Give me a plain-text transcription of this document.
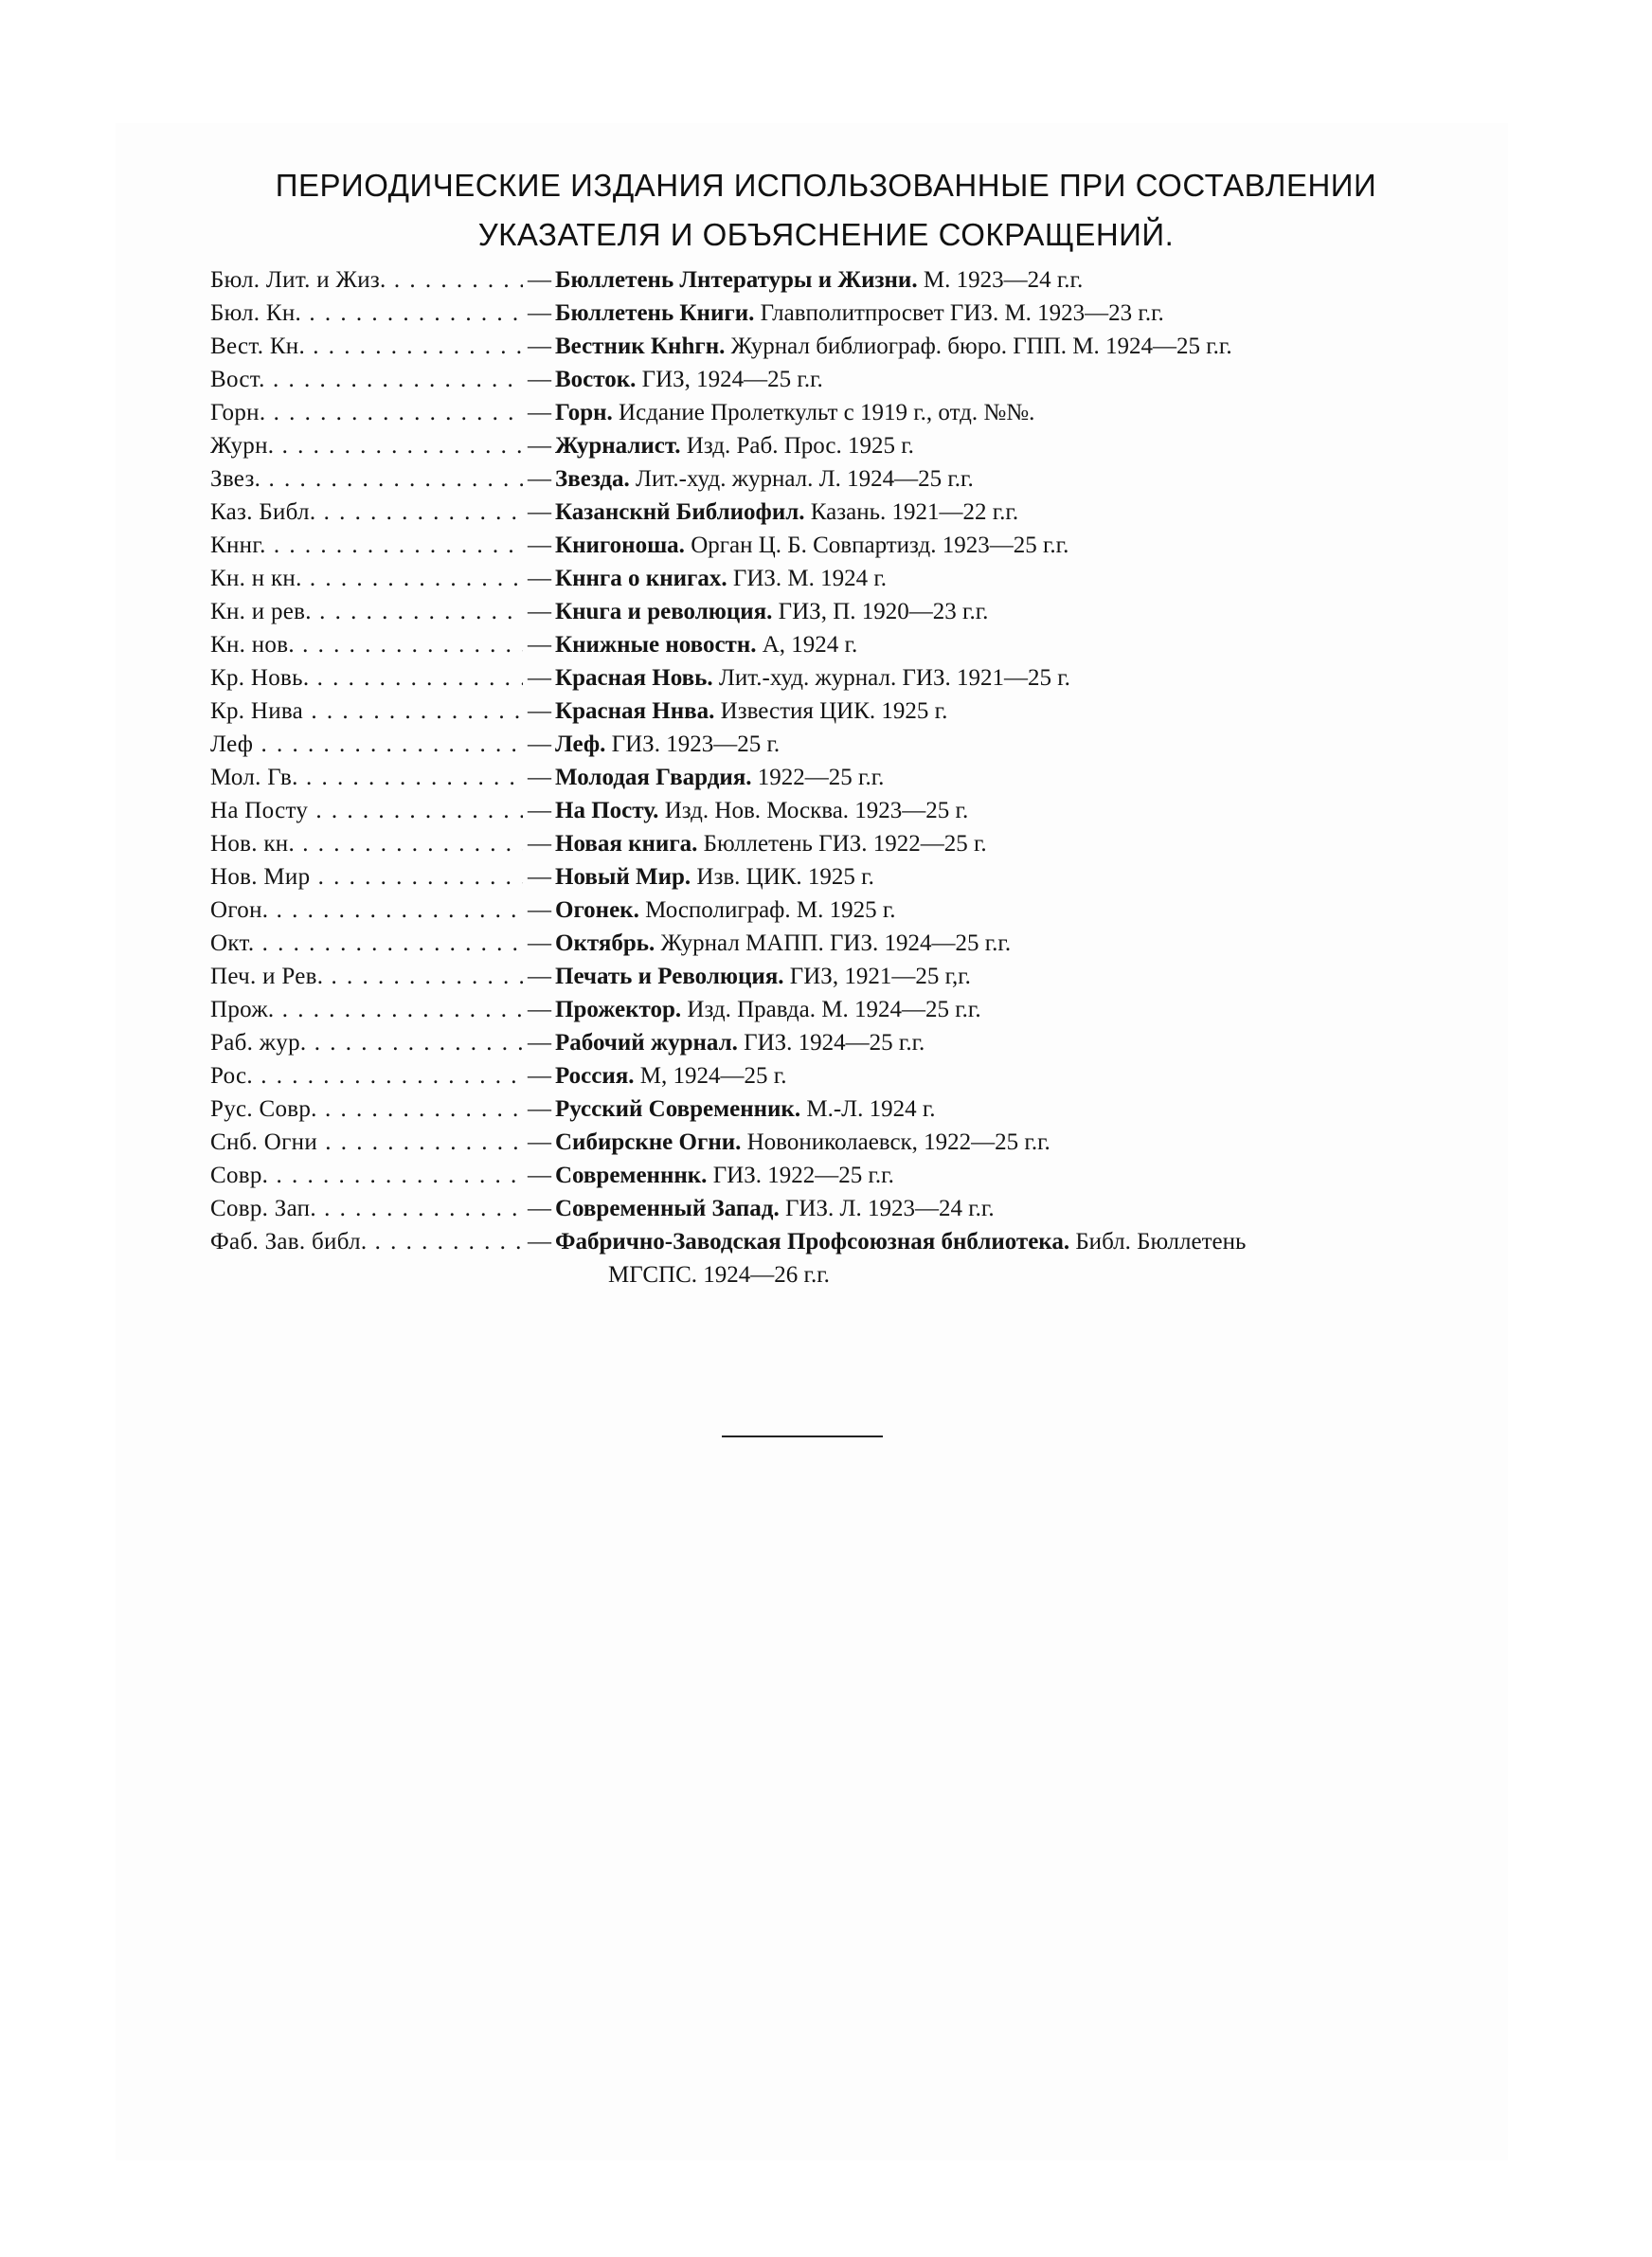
ПЕРИОДИЧЕСКИЕ ИЗДАНИЯ ИСПОЛЬЗОВАННЫЕ ПРИ СОСТАВЛЕНИИ
УКАЗАТЕЛЯ И ОБЪЯСНЕНИЕ СОКРАЩЕНИЙ.
Бюл. Лит. и Жиз. . . .	— Бюллетень Лнтературы и Жизни. М. 1923—24 г.г.
Бюл. Кн. . . .	— Бюллетень Книги. Главполитпросвет ГИЗ. М. 1923—23 г.г.
Вест. Кн. . . .	— Вестник Кнhгн. Журнал библиограф. бюро. ГПП. М. 1924—25 г.г.
Вост. . . .	— Восток. ГИЗ, 1924—25 г.г.
Горн. . . .	— Горн. Исдание Пролеткульт с 1919 г., отд. №№.
Журн. . . .	— Журналист. Изд. Раб. Прос. 1925 г.
Звез. . . .	— Звезда. Лит.-худ. журнал. Л. 1924—25 г.г.
Каз. Библ. . . .	— Казанскнй Библиофил. Казань. 1921—22 г.г.
Кннг. . . .	— Книгоноша. Орган Ц. Б. Совпартизд. 1923—25 г.г.
Кн. н кн. . . .	— Кннга о книгах. ГИЗ. М. 1924 г.
Кн. и рев. . . .	— Кнuга и революция. ГИЗ, П. 1920—23 г.г.
Кн. нов. . . .	— Книжные новостн. А, 1924 г.
Кр. Новь. . . .	— Красная Новь. Лит.-худ. журнал. ГИЗ. 1921—25 г.
Кр. Нива . . .	— Красная Ннва. Известия ЦИК. 1925 г.
Леф . . .	— Леф. ГИЗ. 1923—25 г.
Мол. Гв. . . .	— Молодая Гвардия. 1922—25 г.г.
На Посту . . .	— На Посту. Изд. Нов. Москва. 1923—25 г.
Нов. кн. . . .	— Новая книга. Бюллетень ГИЗ. 1922—25 г.
Нов. Мир . . .	— Новый Мир. Изв. ЦИК. 1925 г.
Огон. . . .	— Огонек. Мосполиграф. М. 1925 г.
Окт. . . .	— Октябрь. Журнал МАПП. ГИЗ. 1924—25 г.г.
Печ. и Рев. . . .	— Печать и Революция. ГИЗ, 1921—25 г,г.
Прож. . . .	— Прожектор. Изд. Правда. М. 1924—25 г.г.
Раб. жур. . . .	— Рабочий журнал. ГИЗ. 1924—25 г.г.
Рос. . . .	— Россия. М, 1924—25 г.
Рус. Совр. . . .	— Русский Современник. М.-Л. 1924 г.
Снб. Огни . . .	— Сибирскне Огни. Новониколаевск, 1922—25 г.г.
Совр. . . .	— Современннк. ГИЗ. 1922—25 г.г.
Совр. Зап. . . .	— Современный Запад. ГИЗ. Л. 1923—24 г.г.
Фаб. Зав. библ. . . .	— Фабрично-Заводская Профсоюзная бнблиотека. Библ. Бюллетень
МГСПС. 1924—26 г.г.
